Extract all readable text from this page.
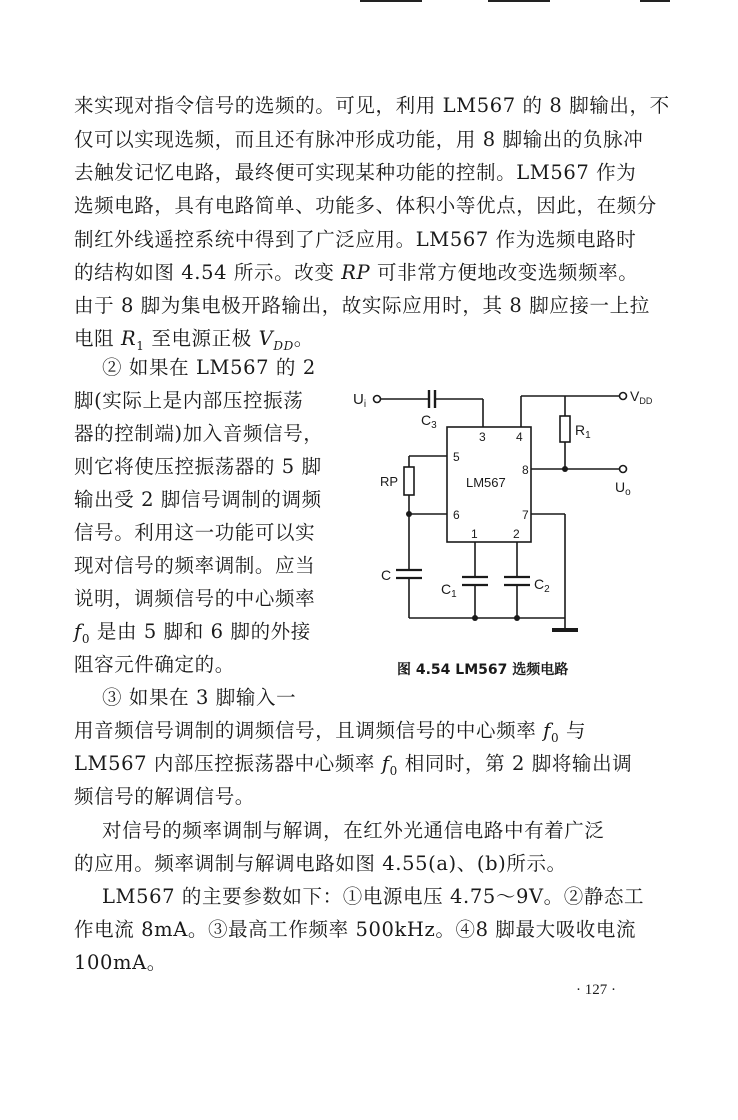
来实现对指令信号的选频的。可见，利用 LM567 的 8 脚输出，不
仅可以实现选频，而且还有脉冲形成功能，用 8 脚输出的负脉冲
去触发记忆电路，最终便可实现某种功能的控制。LM567 作为
选频电路，具有电路简单、功能多、体积小等优点，因此，在频分
制红外线遥控系统中得到了广泛应用。LM567 作为选频电路时
的结构如图 4.54 所示。改变 RP 可非常方便地改变选频频率。
由于 8 脚为集电极开路输出，故实际应用时，其 8 脚应接一上拉
电阻 $R_1$ 至电源正极 $V_{DD}$。
② 如果在 LM567 的 2
脚(实际上是内部压控振荡
器的控制端)加入音频信号，
则它将使压控振荡器的 5 脚
输出受 2 脚信号调制的调频
信号。利用这一功能可以实
现对信号的频率调制。应当
说明，调频信号的中心频率
$f_0$ 是由 5 脚和 6 脚的外接
阻容元件确定的。
③ 如果在 3 脚输入一
用音频信号调制的调频信号，且调频信号的中心频率 $f_0$ 与
LM567 内部压控振荡器中心频率 $f_0$ 相同时，第 2 脚将输出调
频信号的解调信号。
对信号的频率调制与解调，在红外光通信电路中有着广泛
的应用。频率调制与解调电路如图 4.55(a)、(b)所示。
LM567 的主要参数如下：①电源电压 4.75～9V。②静态工
作电流 8mA。③最高工作频率 500kHz。④8 脚最大吸收电流
100mA。
$U_i$
$C_3$
$V_{DD}$
$R_1$
$U_o$
RP
C
$C_1$
$C_2$
LM567
3	4
5
6
8
7
1	2
图 4.54 LM567 选频电路
· 127 ·
